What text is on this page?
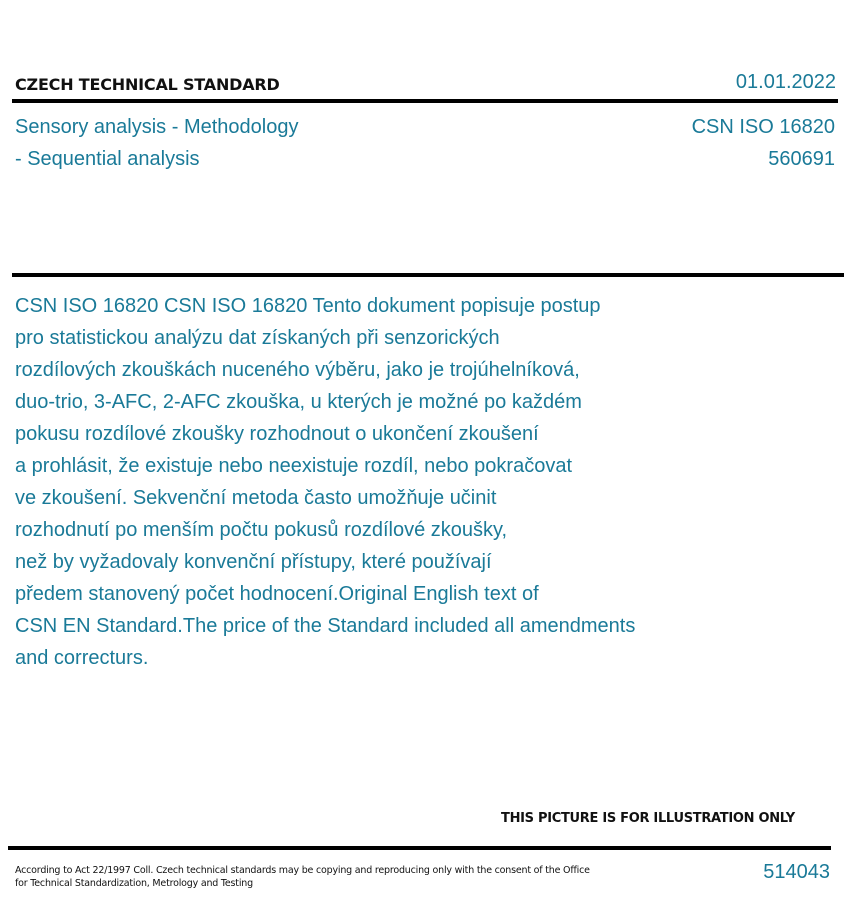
CZECH TECHNICAL STANDARD	01.01.2022
Sensory analysis - Methodology
- Sequential analysis
CSN ISO 16820
560691
CSN ISO 16820 CSN ISO 16820 Tento dokument popisuje postup
pro statistickou analýzu dat získaných při senzorických
rozdílových zkouškách nuceného výběru, jako je trojúhelníková,
duo-trio, 3-AFC, 2-AFC zkouška, u kterých je možné po každém
pokusu rozdílové zkoušky rozhodnout o ukončení zkoušení
a prohlásit, že existuje nebo neexistuje rozdíl, nebo pokračovat
ve zkoušení. Sekvenční metoda často umožňuje učinit
rozhodnutí po menším počtu pokusů rozdílové zkoušky,
než by vyžadovaly konvenční přístupy, které používají
předem stanovený počet hodnocení.Original English text of
CSN EN Standard.The price of the Standard included all amendments
and correcturs.
THIS PICTURE IS FOR ILLUSTRATION ONLY
According to Act 22/1997 Coll. Czech technical standards may be copying and reproducing only with the consent of the Office
for Technical Standardization, Metrology and Testing
514043
